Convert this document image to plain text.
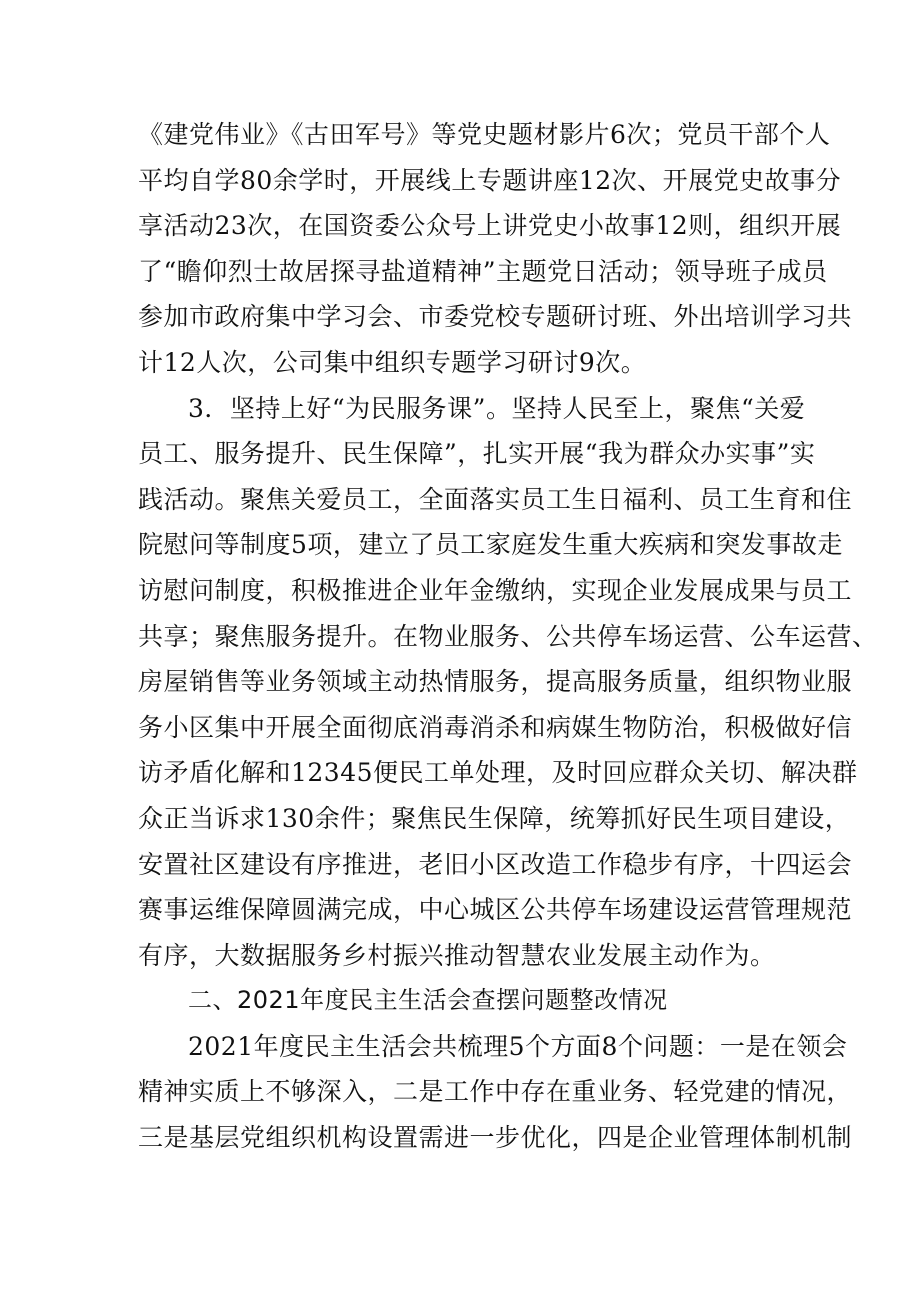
《建党伟业》《古田军号》等党史题材影片6次；党员干部个人
平均自学80余学时，开展线上专题讲座12次、开展党史故事分
享活动23次，在国资委公众号上讲党史小故事12则，组织开展
了“瞻仰烈士故居探寻盐道精神”主题党日活动；领导班子成员
参加市政府集中学习会、市委党校专题研讨班、外出培训学习共
计12人次，公司集中组织专题学习研讨9次。
3．坚持上好“为民服务课”。坚持人民至上，聚焦“关爱
员工、服务提升、民生保障”，扎实开展“我为群众办实事”实
践活动。聚焦关爱员工，全面落实员工生日福利、员工生育和住
院慰问等制度5项，建立了员工家庭发生重大疾病和突发事故走
访慰问制度，积极推进企业年金缴纳，实现企业发展成果与员工
共享；聚焦服务提升。在物业服务、公共停车场运营、公车运营、
房屋销售等业务领域主动热情服务，提高服务质量，组织物业服
务小区集中开展全面彻底消毒消杀和病媒生物防治，积极做好信
访矛盾化解和12345便民工单处理，及时回应群众关切、解决群
众正当诉求130余件；聚焦民生保障，统筹抓好民生项目建设，
安置社区建设有序推进，老旧小区改造工作稳步有序，十四运会
赛事运维保障圆满完成，中心城区公共停车场建设运营管理规范
有序，大数据服务乡村振兴推动智慧农业发展主动作为。
二、2021年度民主生活会查摆问题整改情况
2021年度民主生活会共梳理5个方面8个问题：一是在领会
精神实质上不够深入，二是工作中存在重业务、轻党建的情况，
三是基层党组织机构设置需进一步优化，四是企业管理体制机制
